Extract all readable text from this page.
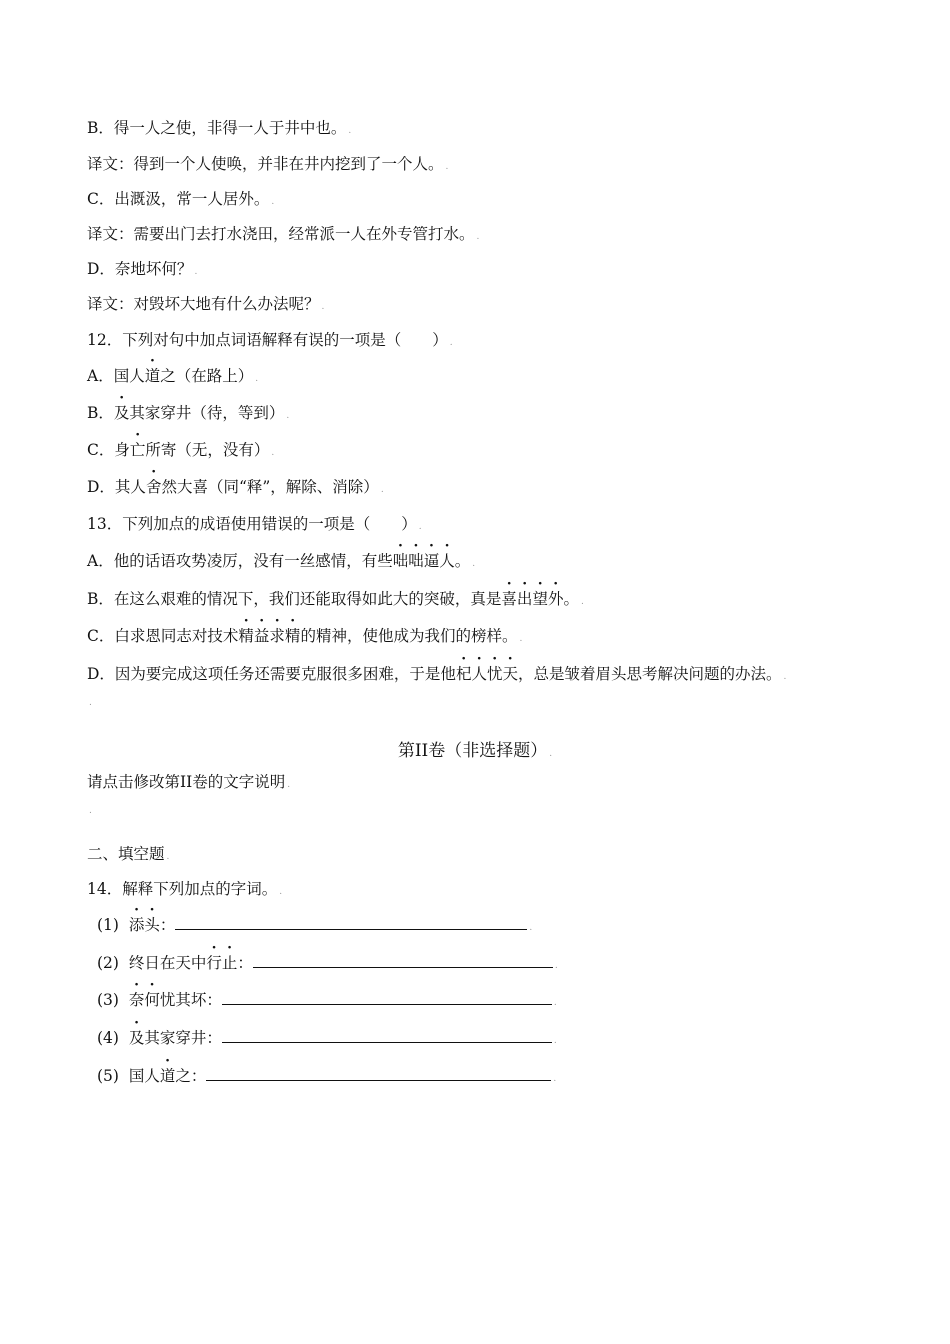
B．得一人之使，非得一人于井中也。 .
译文：得到一个人使唤，并非在井内挖到了一个人。 .
C．出溉汲，常一人居外。 .
译文：需要出门去打水浇田，经常派一人在外专管打水。 .
D．奈地坏何？ .
译文：对毁坏大地有什么办法呢？ .
12．下列对句中加点词语解释有误的一项是（　　） .
A．国人道之（在路上） .
B．及其家穿井（待，等到） .
C．身亡所寄（无，没有） .
D．其人舍然大喜（同“释”，解除、消除） .
13．下列加点的成语使用错误的一项是（　　） .
A．他的话语攻势凌厉，没有一丝感情，有些咄咄逼人。 .
B．在这么艰难的情况下，我们还能取得如此大的突破，真是喜出望外。 .
C．白求恩同志对技术精益求精的精神，使他成为我们的榜样。 .
D．因为要完成这项任务还需要克服很多困难，于是他杞人忧天，总是皱着眉头思考解决问题的办法。 .
.
第II卷（非选择题） .
请点击修改第II卷的文字说明 .
.
二、填空题 .
14．解释下列加点的字词。 .
(1) 添头：	.
(2) 终日在天中行止：	.
(3) 奈何忧其坏：	.
(4) 及其家穿井：	.
(5) 国人道之：	.
